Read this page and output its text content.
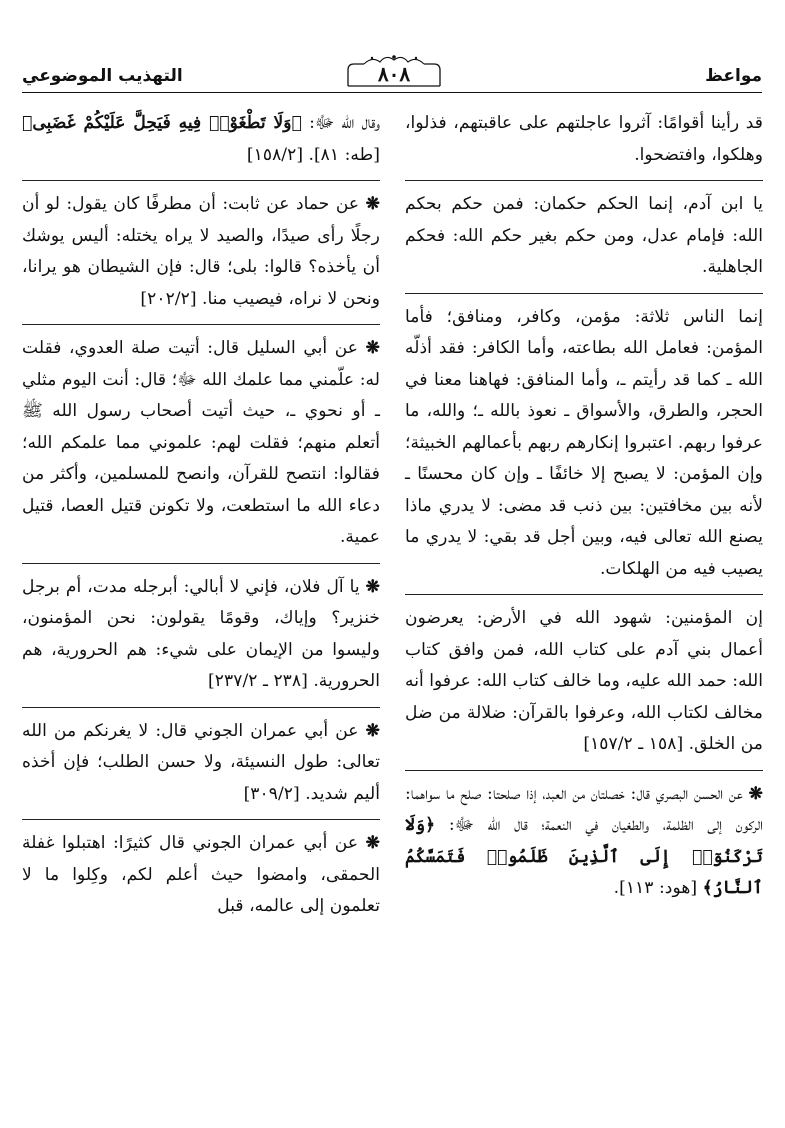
مواعظ
٨٠٨
التهذيب الموضوعي

قد رأينا أقوامًا: آثروا عاجلتهم على عاقبتهم، فذلوا، وهلكوا، وافتضحوا.

يا ابن آدم، إنما الحكم حكمان: فمن حكم بحكم الله: فإمام عدل، ومن حكم بغير حكم الله: فحكم الجاهلية.

إنما الناس ثلاثة: مؤمن، وكافر، ومنافق؛ فأما المؤمن: فعامل الله بطاعته، وأما الكافر: فقد أذلّه الله ـ كما قد رأيتم ـ، وأما المنافق: فهاهنا معنا في الحجر، والطرق، والأسواق ـ نعوذ بالله ـ؛ والله، ما عرفوا ربهم. اعتبروا إنكارهم ربهم بأعمالهم الخبيثة؛ وإن المؤمن: لا يصبح إلا خائفًا ـ وإن كان محسنًا ـ لأنه بين مخافتين: بين ذنب قد مضى: لا يدري ماذا يصنع الله تعالى فيه، وبين أجل قد بقي: لا يدري ما يصيب فيه من الهلكات.

إن المؤمنين: شهود الله في الأرض: يعرضون أعمال بني آدم على كتاب الله، فمن وافق كتاب الله: حمد الله عليه، وما خالف كتاب الله: عرفوا أنه مخالف لكتاب الله، وعرفوا بالقرآن: ضلالة من ضل من الخلق. [١٥٨ ـ ١٥٧/٢]

❋ عن الحسن البصري قال: خصلتان من العبد، إذا صلحتا: صلح ما سواهما: الركون إلى الظلمة، والطغيان في النعمة؛ قال الله ﷻ: ﴿وَلَا تَرْكَنُوٓا۟ إِلَى ٱلَّذِينَ ظَلَمُوا۟ فَتَمَسَّكُمُ ٱلنَّارُ﴾ [هود: ١١٣].

وقال الله ﷻ: ﴿وَلَا تَطْغَوْا۟ فِيهِ فَيَحِلَّ عَلَيْكُمْ غَضَبِى﴾ [طه: ٨١]. [١٥٨/٢]

❋ عن حماد عن ثابت: أن مطرفًا كان يقول: لو أن رجلًا رأى صيدًا، والصيد لا يراه يختله: أليس يوشك أن يأخذه؟ قالوا: بلى؛ قال: فإن الشيطان هو يرانا، ونحن لا نراه، فيصيب منا. [٢٠٢/٢]

❋ عن أبي السليل قال: أتيت صلة العدوي، فقلت له: علّمني مما علمك الله ﷻ؛ قال: أنت اليوم مثلي ـ أو نحوي ـ، حيث أتيت أصحاب رسول الله ﷺ أتعلم منهم؛ فقلت لهم: علموني مما علمكم الله؛ فقالوا: انتصح للقرآن، وانصح للمسلمين، وأكثر من دعاء الله ما استطعت، ولا تكونن قتيل العصا، قتيل عمية.

❋ يا آل فلان، فإني لا أبالي: أبرجله مدت، أم برجل خنزير؟ وإياك، وقومًا يقولون: نحن المؤمنون، وليسوا من الإيمان على شيء: هم الحرورية، هم الحرورية. [٢٣٨ ـ ٢٣٧/٢]

❋ عن أبي عمران الجوني قال: لا يغرنكم من الله تعالى: طول النسيئة، ولا حسن الطلب؛ فإن أخذه أليم شديد. [٣٠٩/٢]

❋ عن أبي عمران الجوني قال كثيرًا: اهتبلوا غفلة الحمقى، وامضوا حيث أعلم لكم، وكِلوا ما لا تعلمون إلى عالمه، قبل
